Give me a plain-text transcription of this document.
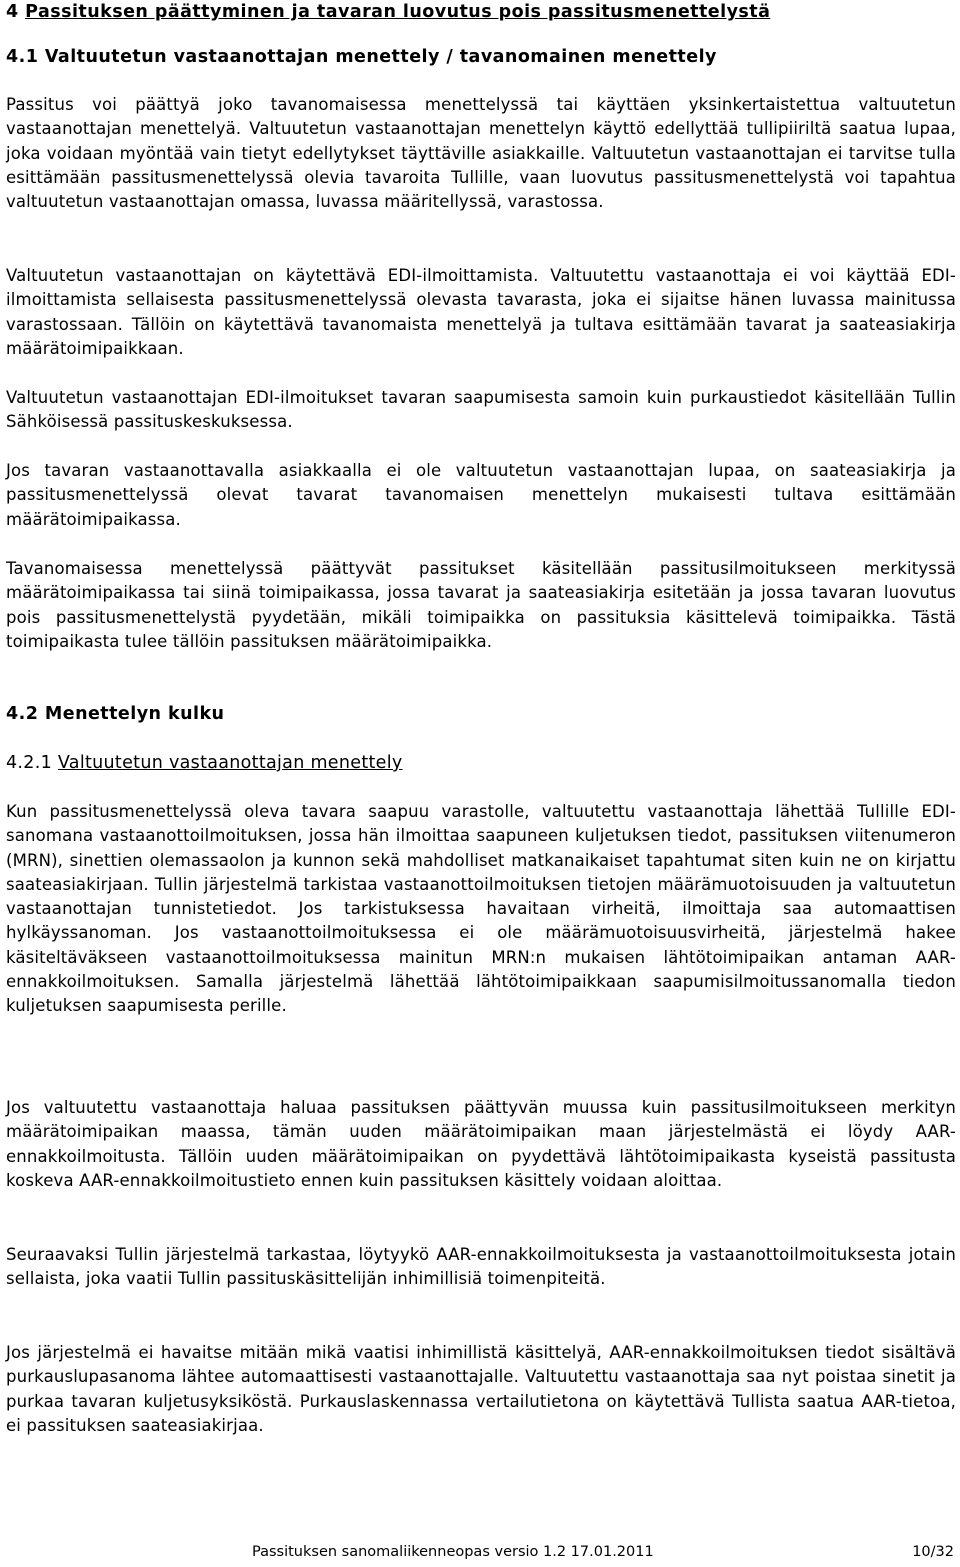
4 Passituksen päättyminen ja tavaran luovutus pois passitusmenettelystä
4.1 Valtuutetun vastaanottajan menettely / tavanomainen menettely
Passitus voi päättyä joko tavanomaisessa menettelyssä tai käyttäen yksinkertaistettua valtuutetun vastaanottajan menettelyä. Valtuutetun vastaanottajan menettelyn käyttö edellyttää tullipiiriltä saatua lupaa, joka voidaan myöntää vain tietyt edellytykset täyttäville asiakkaille. Valtuutetun vastaanottajan ei tarvitse tulla esittämään passitusmenettelyssä olevia tavaroita Tullille, vaan luovutus passitusmenettelystä voi tapahtua valtuutetun vastaanottajan omassa, luvassa määritellyssä, varastossa.
Valtuutetun vastaanottajan on käytettävä EDI-ilmoittamista. Valtuutettu vastaanottaja ei voi käyttää EDI-ilmoittamista sellaisesta passitusmenettelyssä olevasta tavarasta, joka ei sijaitse hänen luvassa mainitussa varastossaan. Tällöin on käytettävä tavanomaista menettelyä ja tultava esittämään tavarat ja saateasiakirja määrätoimipaikkaan.
Valtuutetun vastaanottajan EDI-ilmoitukset tavaran saapumisesta samoin kuin purkaustiedot käsitellään Tullin Sähköisessä passituskeskuksessa.
Jos tavaran vastaanottavalla asiakkaalla ei ole valtuutetun vastaanottajan lupaa, on saateasiakirja ja passitusmenettelyssä olevat tavarat tavanomaisen menettelyn mukaisesti tultava esittämään määrätoimipaikassa.
Tavanomaisessa menettelyssä päättyvät passitukset käsitellään passitusilmoitukseen merkityssä määrätoimipaikassa tai siinä toimipaikassa, jossa tavarat ja saateasiakirja esitetään ja jossa tavaran luovutus pois passitusmenettelystä pyydetään, mikäli toimipaikka on passituksia käsittelevä toimipaikka. Tästä toimipaikasta tulee tällöin passituksen määrätoimipaikka.
4.2 Menettelyn kulku
4.2.1 Valtuutetun vastaanottajan menettely
Kun passitusmenettelyssä oleva tavara saapuu varastolle, valtuutettu vastaanottaja lähettää Tullille EDI-sanomana vastaanottoilmoituksen, jossa hän ilmoittaa saapuneen kuljetuksen tiedot, passituksen viitenumeron (MRN), sinettien olemassaolon ja kunnon sekä mahdolliset matkanaikaiset tapahtumat siten kuin ne on kirjattu saateasiakirjaan. Tullin järjestelmä tarkistaa vastaanottoilmoituksen tietojen määrämuotoisuuden ja valtuutetun vastaanottajan tunnistetiedot. Jos tarkistuksessa havaitaan virheitä, ilmoittaja saa automaattisen hylkäyssanoman. Jos vastaanottoilmoituksessa ei ole määrämuotoisuusvirheitä, järjestelmä hakee käsiteltäväkseen vastaanottoilmoituksessa mainitun MRN:n mukaisen lähtötoimipaikan antaman AAR-ennakkoilmoituksen. Samalla järjestelmä lähettää lähtötoimipaikkaan saapumisilmoitussanomalla tiedon kuljetuksen saapumisesta perille.
Jos valtuutettu vastaanottaja haluaa passituksen päättyvän muussa kuin passitusilmoitukseen merkityn määrätoimipaikan maassa, tämän uuden määrätoimipaikan maan järjestelmästä ei löydy AAR-ennakkoilmoitusta. Tällöin uuden määrätoimipaikan on pyydettävä lähtötoimipaikasta kyseistä passitusta koskeva AAR-ennakkoilmoitustieto ennen kuin passituksen käsittely voidaan aloittaa.
Seuraavaksi Tullin järjestelmä tarkastaa, löytyykö AAR-ennakkoilmoituksesta ja vastaanottoilmoituksesta jotain sellaista, joka vaatii Tullin passituskäsittelijän inhimillisiä toimenpiteitä.
Jos järjestelmä ei havaitse mitään mikä vaatisi inhimillistä käsittelyä, AAR-ennakkoilmoituksen tiedot sisältävä purkauslupasanoma lähtee automaattisesti vastaanottajalle. Valtuutettu vastaanottaja saa nyt poistaa sinetit ja purkaa tavaran kuljetusyksiköstä. Purkauslaskennassa vertailutietona on käytettävä Tullista saatua AAR-tietoa, ei passituksen saateasiakirjaa.
Passituksen sanomaliikenneopas versio 1.2 17.01.2011	10/32
